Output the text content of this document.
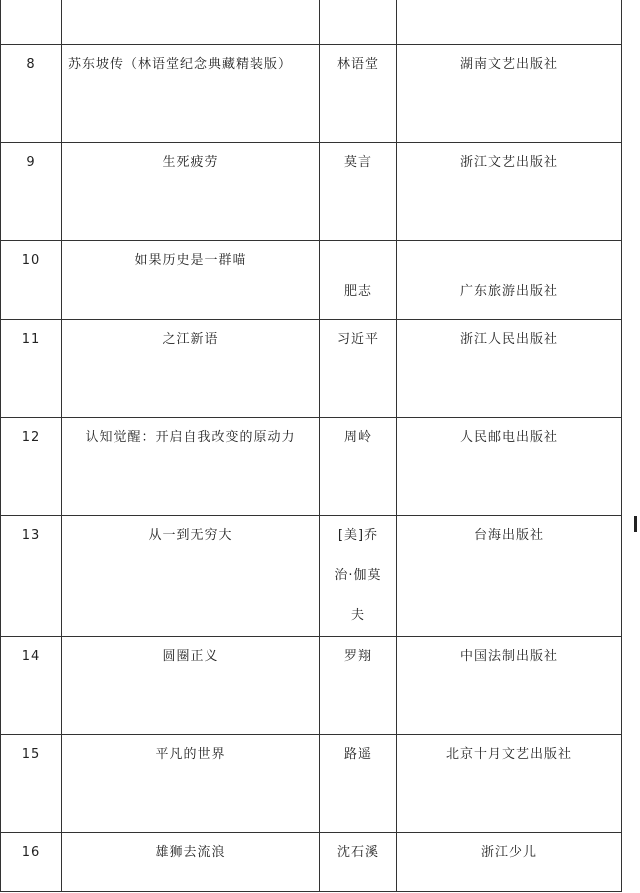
8	苏东坡传（林语堂纪念典藏精装版）	林语堂	湖南文艺出版社
9	生死疲劳	莫言	浙江文艺出版社
10	如果历史是一群喵	肥志	广东旅游出版社
11	之江新语	习近平	浙江人民出版社
12	认知觉醒：开启自我改变的原动力	周岭	人民邮电出版社
13	从一到无穷大	[美]乔治·伽莫夫	台海出版社
14	圆圈正义	罗翔	中国法制出版社
15	平凡的世界	路遥	北京十月文艺出版社
16	雄狮去流浪	沈石溪	浙江少儿
